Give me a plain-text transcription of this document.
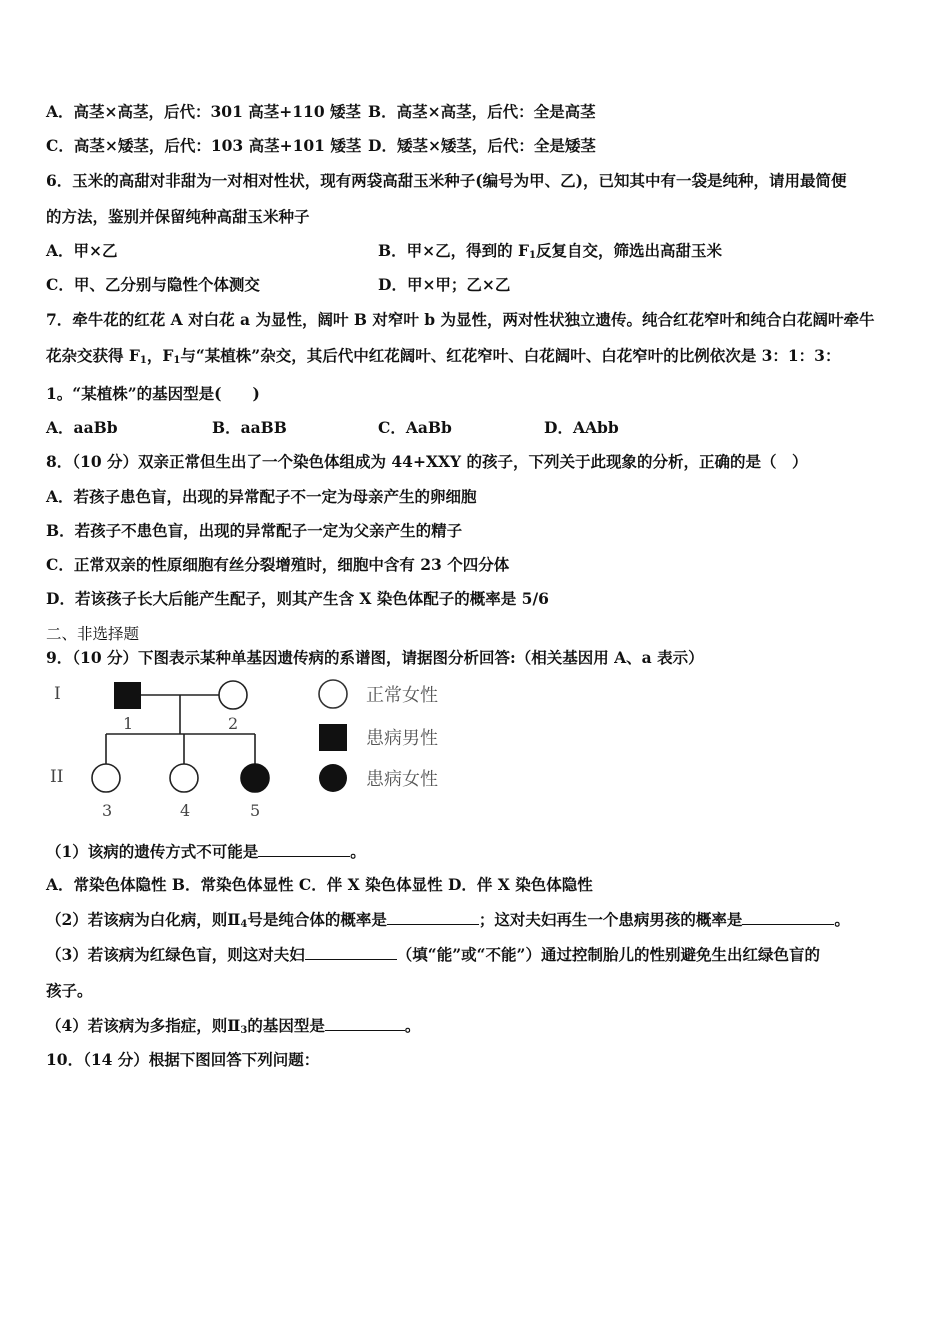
A．高茎×高茎，后代：301 高茎+110 矮茎 B．高茎×高茎，后代：全是高茎
C．高茎×矮茎，后代：103 高茎+101 矮茎 D．矮茎×矮茎，后代：全是矮茎
6．玉米的高甜对非甜为一对相对性状，现有两袋高甜玉米种子(编号为甲、乙)，已知其中有一袋是纯种，请用最简便
的方法，鉴别并保留纯种高甜玉米种子
A．甲×乙	B．甲×乙，得到的 $F_1$反复自交，筛选出高甜玉米
C．甲、乙分别与隐性个体测交	D．甲×甲；乙×乙
7．牵牛花的红花 A 对白花 a 为显性，阔叶 B 对窄叶 b 为显性，两对性状独立遗传。纯合红花窄叶和纯合白花阔叶牵牛
花杂交获得 $F_1$，$F_1$与“某植株”杂交，其后代中红花阔叶、红花窄叶、白花阔叶、白花窄叶的比例依次是 3：1：3：
1。“某植株”的基因型是(　　)
A．aaBb	B．aaBB	C．AaBb	D．AAbb
8．（10 分）双亲正常但生出了一个染色体组成为 44+XXY 的孩子，下列关于此现象的分析，正确的是（　）
A．若孩子患色盲，出现的异常配子不一定为母亲产生的卵细胞
B．若孩子不患色盲，出现的异常配子一定为父亲产生的精子
C．正常双亲的性原细胞有丝分裂增殖时，细胞中含有 23 个四分体
D．若该孩子长大后能产生配子，则其产生含 X 染色体配子的概率是 5/6
二、非选择题
9．（10 分）下图表示某种单基因遗传病的系谱图，请据图分析回答:（相关基因用 A、a 表示）
I
II
1	2
3	4	5
正常女性
患病男性
患病女性
（1）该病的遗传方式不可能是	。
A．常染色体隐性 B．常染色体显性 C．伴 X 染色体显性 D．伴 X 染色体隐性
（2）若该病为白化病，则$Ⅱ_4$号是纯合体的概率是	；这对夫妇再生一个患病男孩的概率是	。
（3）若该病为红绿色盲，则这对夫妇	（填“能”或“不能”）通过控制胎儿的性别避免生出红绿色盲的
孩子。
（4）若该病为多指症，则$Ⅱ_3$的基因型是	。
10．（14 分）根据下图回答下列问题：
